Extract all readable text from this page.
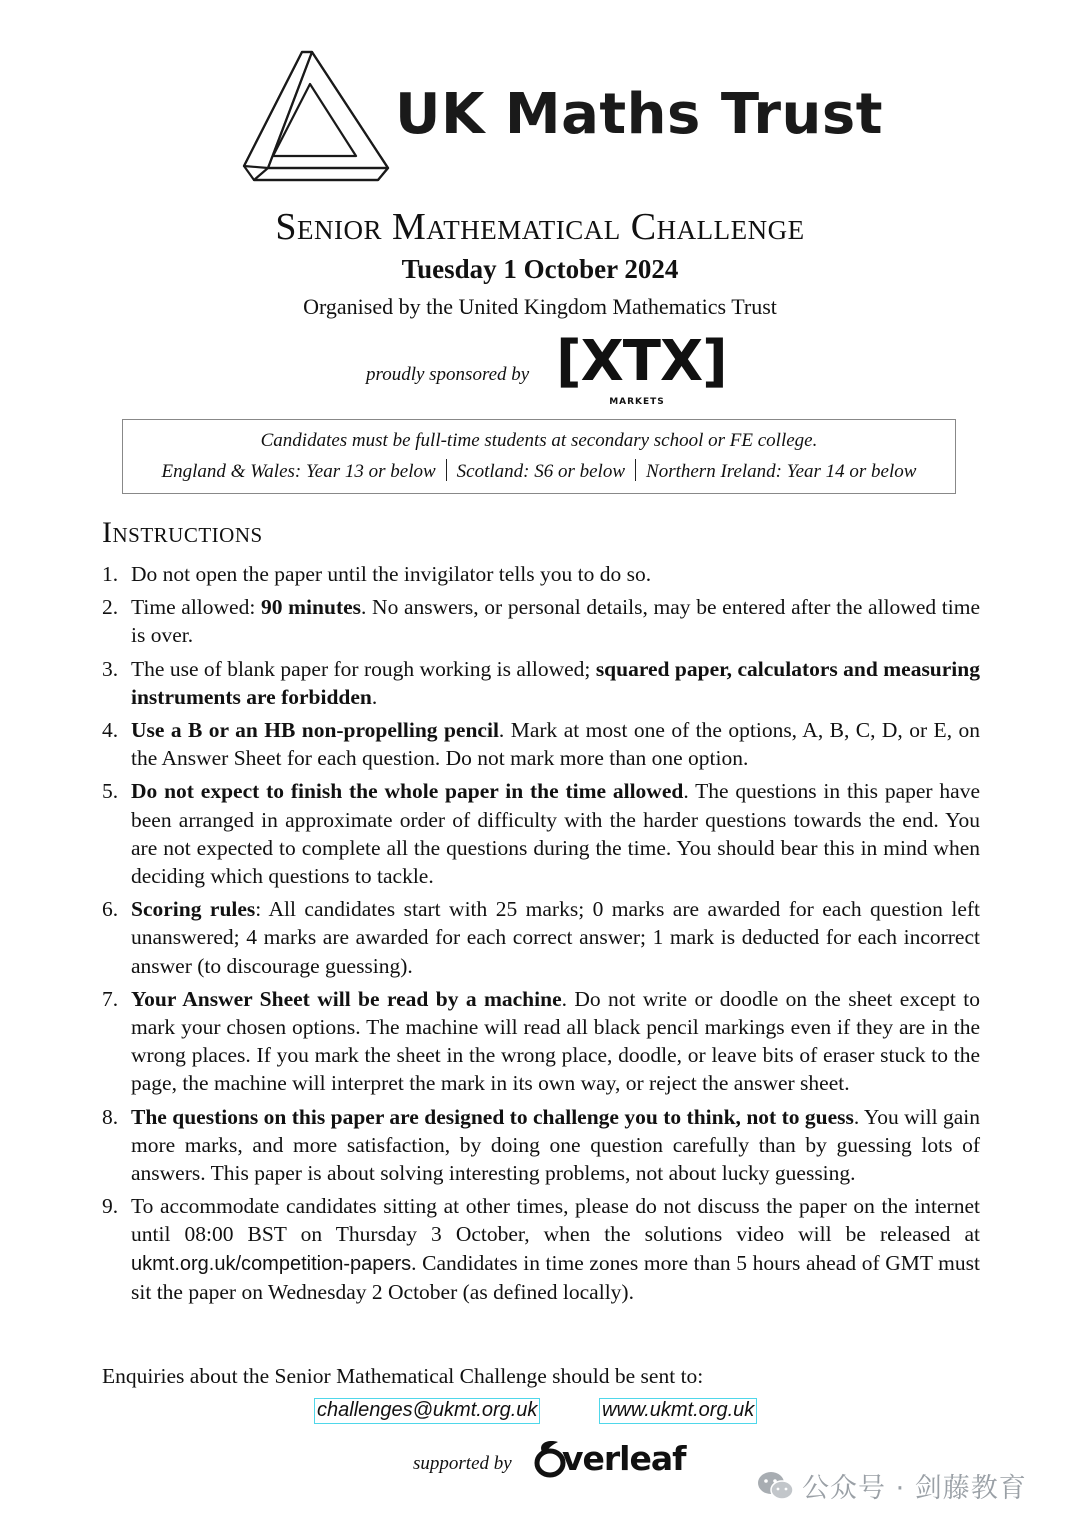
UK Maths Trust
Senior Mathematical Challenge
Tuesday 1 October 2024
Organised by the United Kingdom Mathematics Trust
proudly sponsored by [XTX]
MARKETS
Candidates must be full-time students at secondary school or FE college.
England & Wales: Year 13 or below Scotland: S6 or below Northern Ireland: Year 14 or below
Instructions
1. Do not open the paper until the invigilator tells you to do so.
2. Time allowed: 90 minutes. No answers, or personal details, may be entered after the allowed time is over.
3. The use of blank paper for rough working is allowed; squared paper, calculators and measuring instruments are forbidden.
4. Use a B or an HB non-propelling pencil. Mark at most one of the options, A, B, C, D, or E, on the Answer Sheet for each question. Do not mark more than one option.
5. Do not expect to finish the whole paper in the time allowed. The questions in this paper have been arranged in approximate order of difficulty with the harder questions towards the end. You are not expected to complete all the questions during the time. You should bear this in mind when deciding which questions to tackle.
6. Scoring rules: All candidates start with 25 marks; 0 marks are awarded for each question left unanswered; 4 marks are awarded for each correct answer; 1 mark is deducted for each incorrect answer (to discourage guessing).
7. Your Answer Sheet will be read by a machine. Do not write or doodle on the sheet except to mark your chosen options. The machine will read all black pencil markings even if they are in the wrong places. If you mark the sheet in the wrong place, doodle, or leave bits of eraser stuck to the page, the machine will interpret the mark in its own way, or reject the answer sheet.
8. The questions on this paper are designed to challenge you to think, not to guess. You will gain more marks, and more satisfaction, by doing one question carefully than by guessing lots of answers. This paper is about solving interesting problems, not about lucky guessing.
9. To accommodate candidates sitting at other times, please do not discuss the paper on the internet until 08:00 BST on Thursday 3 October, when the solutions video will be released at ukmt.org.uk/competition-papers. Candidates in time zones more than 5 hours ahead of GMT must sit the paper on Wednesday 2 October (as defined locally).
Enquiries about the Senior Mathematical Challenge should be sent to:
challenges@ukmt.org.uk	www.ukmt.org.uk
supported by verleaf
公众号 · 剑藤教育
